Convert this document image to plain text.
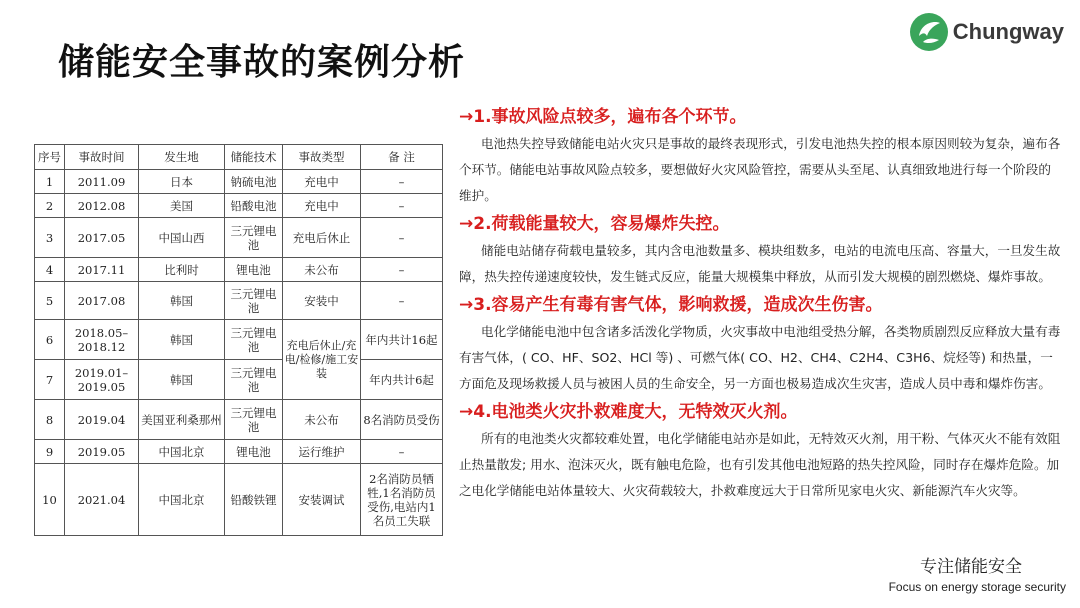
储能安全事故的案例分析
Chungway
序号	事故时间	发生地	储能技术	事故类型	备 注
1	2011.09	日本	钠硫电池	充电中	–
2	2012.08	美国	铅酸电池	充电中	–
3	2017.05	中国山西	三元锂电池	充电后休止	–
4	2017.11	比利时	锂电池	未公布	–
5	2017.08	韩国	三元锂电池	安装中	–
6	2018.05–2018.12	韩国	三元锂电池	充电后休止/充电/检修/施工安装	年内共计16起
7	2019.01–2019.05	韩国	三元锂电池		年内共计6起
8	2019.04	美国亚利桑那州	三元锂电池	未公布	8名消防员受伤
9	2019.05	中国北京	锂电池	运行维护	–
10	2021.04	中国北京	铅酸铁锂	安装调试	2名消防员牺牲,1名消防员受伤,电站内1名员工失联
→1.事故风险点较多，遍布各个环节。
电池热失控导致储能电站火灾只是事故的最终表现形式，引发电池热失控的根本原因则较为复杂，遍布各个环节。储能电站事故风险点较多，要想做好火灾风险管控，需要从头至尾、认真细致地进行每一个阶段的维护。
→2.荷载能量较大，容易爆炸失控。
储能电站储存荷载电量较多，其内含电池数量多、模块组数多，电站的电流电压高、容量大，一旦发生故障，热失控传递速度较快，发生链式反应，能量大规模集中释放，从而引发大规模的剧烈燃烧、爆炸事故。
→3.容易产生有毒有害气体，影响救援，造成次生伤害。
电化学储能电池中包含诸多活泼化学物质，火灾事故中电池组受热分解，各类物质剧烈反应释放大量有毒有害气体，( CO、HF、SO2、HCl 等) 、可燃气体( CO、H2、CH4、C2H4、C3H6、烷烃等) 和热量，一方面危及现场救援人员与被困人员的生命安全，另一方面也极易造成次生灾害，造成人员中毒和爆炸伤害。
→4.电池类火灾扑救难度大，无特效灭火剂。
所有的电池类火灾都较难处置，电化学储能电站亦是如此，无特效灭火剂，用干粉、气体灭火不能有效阻止热量散发; 用水、泡沫灭火，既有触电危险，也有引发其他电池短路的热失控风险，同时存在爆炸危险。加之电化学储能电站体量较大、火灾荷载较大，扑救难度远大于日常所见家电火灾、新能源汽车火灾等。
专注储能安全
Focus on energy storage security
